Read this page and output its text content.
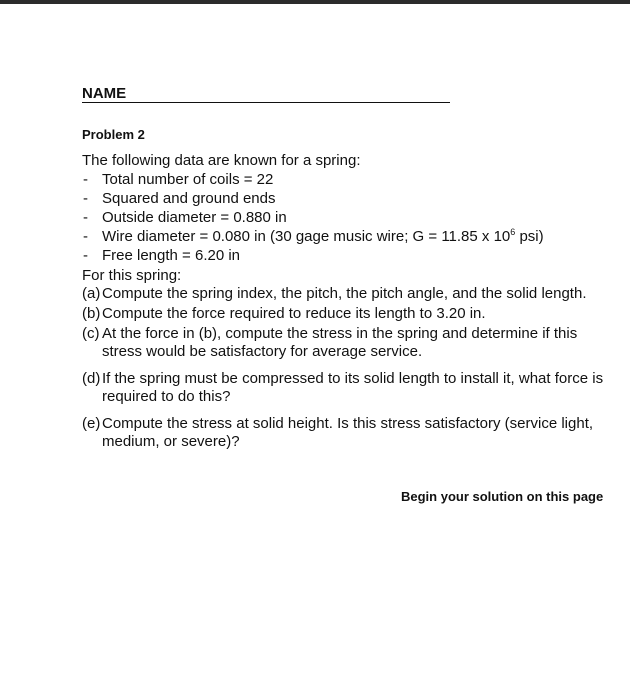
NAME
Problem 2
The following data are known for a spring:
- Total number of coils = 22
- Squared and ground ends
- Outside diameter = 0.880 in
- Wire diameter = 0.080 in (30 gage music wire; G = 11.85 x $10^6$ psi)
- Free length = 6.20 in
For this spring:
(a) Compute the spring index, the pitch, the pitch angle, and the solid length.
(b) Compute the force required to reduce its length to 3.20 in.
(c) At the force in (b), compute the stress in the spring and determine if this stress would be satisfactory for average service.
(d) If the spring must be compressed to its solid length to install it, what force is required to do this?
(e) Compute the stress at solid height. Is this stress satisfactory (service light, medium, or severe)?
Begin your solution on this page
